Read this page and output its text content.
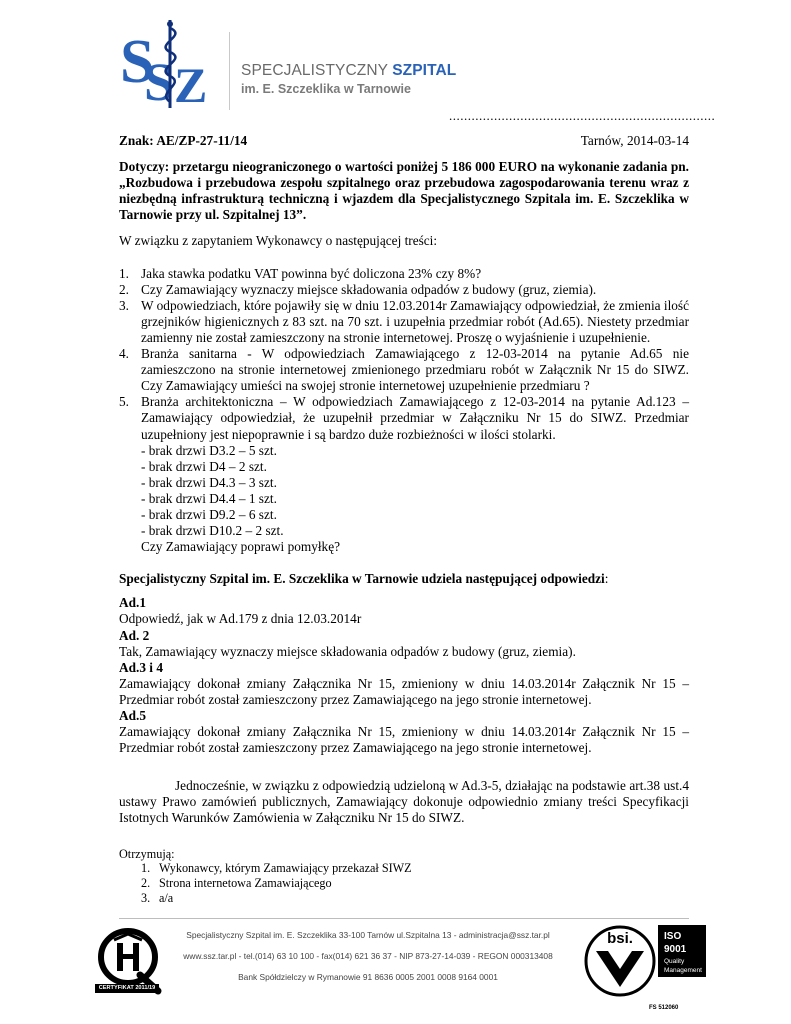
S
S Z SPECJALISTYCZNY SZPITAL
im. E. Szczeklika w Tarnowie
.......................................................................
Znak: AE/ZP-27-11/14	Tarnów, 2014-03-14

Dotyczy: przetargu nieograniczonego o wartości poniżej 5 186 000 EURO na wykonanie zadania pn. „Rozbudowa i przebudowa zespołu szpitalnego oraz przebudowa zagospodarowania terenu wraz z niezbędną infrastrukturą techniczną i wjazdem dla Specjalistycznego Szpitala im. E. Szczeklika w Tarnowie przy ul. Szpitalnej 13”.

W związku z zapytaniem Wykonawcy o następującej treści:

1. Jaka stawka podatku VAT powinna być doliczona 23% czy 8%?
2. Czy Zamawiający wyznaczy miejsce składowania odpadów z budowy (gruz, ziemia).
3. W odpowiedziach, które pojawiły się w dniu 12.03.2014r Zamawiający odpowiedział, że zmienia ilość grzejników higienicznych z 83 szt. na 70 szt. i uzupełnia przedmiar robót (Ad.65). Niestety przedmiar zamienny nie został zamieszczony na stronie internetowej. Proszę o wyjaśnienie i uzupełnienie.
4. Branża sanitarna - W odpowiedziach Zamawiającego z 12-03-2014 na pytanie Ad.65 nie zamieszczono na stronie internetowej zmienionego przedmiaru robót w Załącznik Nr 15 do SIWZ. Czy Zamawiający umieści na swojej stronie internetowej uzupełnienie przedmiaru ?
5. Branża architektoniczna – W odpowiedziach Zamawiającego z 12-03-2014 na pytanie Ad.123 – Zamawiający odpowiedział, że uzupełnił przedmiar w Załączniku Nr 15 do SIWZ. Przedmiar uzupełniony jest niepoprawnie i są bardzo duże rozbieżności w ilości stolarki.
- brak drzwi D3.2 – 5 szt.
- brak drzwi D4 – 2 szt.
- brak drzwi D4.3 – 3 szt.
- brak drzwi D4.4 – 1 szt.
- brak drzwi D9.2 – 6 szt.
- brak drzwi D10.2 – 2 szt.
Czy Zamawiający poprawi pomyłkę?

Specjalistyczny Szpital im. E. Szczeklika w Tarnowie udziela następującej odpowiedzi:

Ad.1
Odpowiedź, jak w Ad.179 z dnia 12.03.2014r
Ad. 2
Tak, Zamawiający wyznaczy miejsce składowania odpadów z budowy (gruz, ziemia).
Ad.3 i 4
Zamawiający dokonał zmiany Załącznika Nr 15, zmieniony w dniu 14.03.2014r Załącznik Nr 15 – Przedmiar robót został zamieszczony przez Zamawiającego na jego stronie internetowej.
Ad.5
Zamawiający dokonał zmiany Załącznika Nr 15, zmieniony w dniu 14.03.2014r Załącznik Nr 15 – Przedmiar robót został zamieszczony przez Zamawiającego na jego stronie internetowej.

Jednocześnie, w związku z odpowiedzią udzieloną w Ad.3-5, działając na podstawie art.38 ust.4 ustawy Prawo zamówień publicznych, Zamawiający dokonuje odpowiednio zmiany treści Specyfikacji Istotnych Warunków Zamówienia w Załączniku Nr 15 do SIWZ.

Otrzymują:
1. Wykonawcy, którym Zamawiający przekazał SIWZ
2. Strona internetowa Zamawiającego
3. a/a
CERTYFIKAT 2011/19
Specjalistyczny Szpital im. E. Szczeklika 33-100 Tarnów ul.Szpitalna 13 - administracja@ssz.tar.pl
www.ssz.tar.pl - tel.(014) 63 10 100 - fax(014) 621 36 37 - NIP 873-27-14-039 - REGON 000313408
Bank Spółdzielczy w Rymanowie 91 8636 0005 2001 0008 9164 0001
bsi.	ISO
9001
Quality
Management
FS 512060
